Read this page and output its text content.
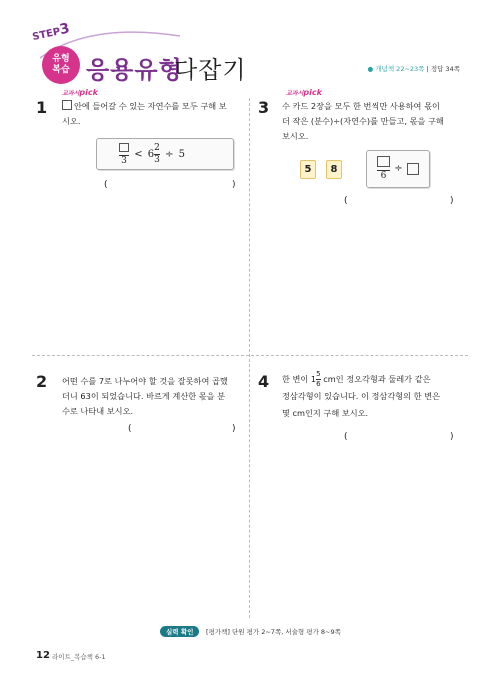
STEP3
유형
복습 응용유형
다잡기	● 개념책 22~23쪽 | 정답 34쪽
교과서pick
1	안에 들어갈 수 있는 자연수를 모두 구해 보
시오.
3
< $6 \frac{2}{3} \div 5$
(	)
2 어떤 수를 7로 나누어야 할 것을 잘못하여 곱했
더니 63이 되었습니다. 바르게 계산한 몫을 분
수로 나타내 보시오.
(	)
교과서pick
3 수 카드 2장을 모두 한 번씩만 사용하여 몫이
더 작은 (분수)÷(자연수)를 만들고, 몫을 구해
보시오.
5	8
6
÷
(	)
4 한 변이 $1 \frac{5}{6}$ cm인 정오각형과 둘레가 같은
정삼각형이 있습니다. 이 정삼각형의 한 변은
몇 cm인지 구해 보시오.
(	)
실력 확인	[평가책] 단원 평가 2~7쪽, 서술형 평가 8~9쪽
12 라이트_복습책 6-1
